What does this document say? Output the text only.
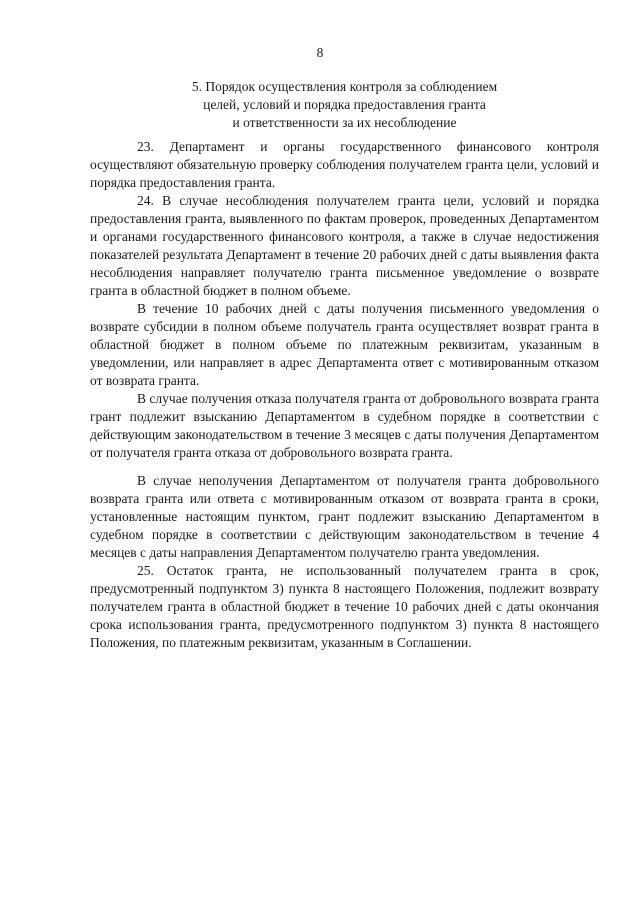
8
5. Порядок осуществления контроля за соблюдением
целей, условий и порядка предоставления гранта
и ответственности за их несоблюдение

23. Департамент и органы государственного финансового контроля осуществляют обязательную проверку соблюдения получателем гранта цели, условий и порядка предоставления гранта.

24. В случае несоблюдения получателем гранта цели, условий и порядка предоставления гранта, выявленного по фактам проверок, проведенных Департаментом и органами государственного финансового контроля, а также в случае недостижения показателей результата Департамент в течение 20 рабочих дней с даты выявления факта несоблюдения направляет получателю гранта письменное уведомление о возврате гранта в областной бюджет в полном объеме.

В течение 10 рабочих дней с даты получения письменного уведомления о возврате субсидии в полном объеме получатель гранта осуществляет возврат гранта в областной бюджет в полном объеме по платежным реквизитам, указанным в уведомлении, или направляет в адрес Департамента ответ с мотивированным отказом от возврата гранта.

В случае получения отказа получателя гранта от добровольного возврата гранта грант подлежит взысканию Департаментом в судебном порядке в соответствии с действующим законодательством в течение 3 месяцев с даты получения Департаментом от получателя гранта отказа от добровольного возврата гранта.

В случае неполучения Департаментом от получателя гранта добровольного возврата гранта или ответа с мотивированным отказом от возврата гранта в сроки, установленные настоящим пунктом, грант подлежит взысканию Департаментом в судебном порядке в соответствии с действующим законодательством в течение 4 месяцев с даты направления Департаментом получателю гранта уведомления.

25. Остаток гранта, не использованный получателем гранта в срок, предусмотренный подпунктом 3) пункта 8 настоящего Положения, подлежит возврату получателем гранта в областной бюджет в течение 10 рабочих дней с даты окончания срока использования гранта, предусмотренного подпунктом 3) пункта 8 настоящего Положения, по платежным реквизитам, указанным в Соглашении.
